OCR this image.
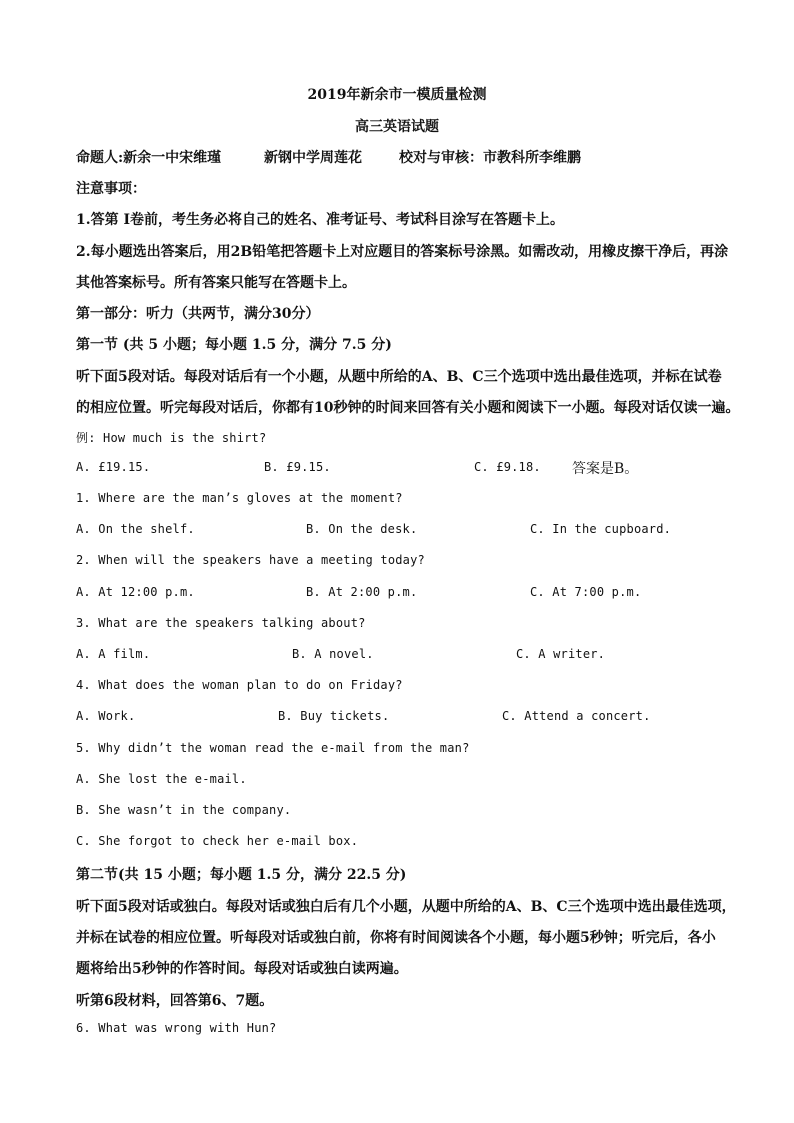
2019年新余市一模质量检测
高三英语试题
命题人:新余一中宋维瑾	新钢中学周莲花	校对与审核：市教科所李维鹏
注意事项：
1.答第 I卷前，考生务必将自己的姓名、准考证号、考试科目涂写在答题卡上。
2.每小题选出答案后，用2B铅笔把答题卡上对应题目的答案标号涂黑。如需改动，用橡皮擦干净后，再涂
其他答案标号。所有答案只能写在答题卡上。
第一部分：听力（共两节，满分30分）
第一节 (共 5 小题；每小题 1.5 分，满分 7.5 分)
听下面5段对话。每段对话后有一个小题，从题中所给的A、B、C三个选项中选出最佳选项，并标在试卷
的相应位置。听完每段对话后，你都有10秒钟的时间来回答有关小题和阅读下一小题。每段对话仅读一遍。
例: How much is the shirt?
A. £19.15.	B. £9.15.	C. £9.18. 答案是B。
1. Where are the man’s gloves at the moment?
A. On the shelf.	B. On the desk.	C. In the cupboard.
2. When will the speakers have a meeting today?
A. At 12:00 p.m.	B. At 2:00 p.m.	C. At 7:00 p.m.
3. What are the speakers talking about?
A. A film.	B. A novel.	C. A writer.
4. What does the woman plan to do on Friday?
A. Work.	B. Buy tickets.	C. Attend a concert.
5. Why didn’t the woman read the e-mail from the man?
A. She lost the e-mail.
B. She wasn’t in the company.
C. She forgot to check her e-mail box.
第二节(共 15 小题；每小题 1.5 分，满分 22.5 分)
听下面5段对话或独白。每段对话或独白后有几个小题，从题中所给的A、B、C三个选项中选出最佳选项，
并标在试卷的相应位置。听每段对话或独白前，你将有时间阅读各个小题，每小题5秒钟；听完后，各小
题将给出5秒钟的作答时间。每段对话或独白读两遍。
听第6段材料，回答第6、7题。
6. What was wrong with Hun?
